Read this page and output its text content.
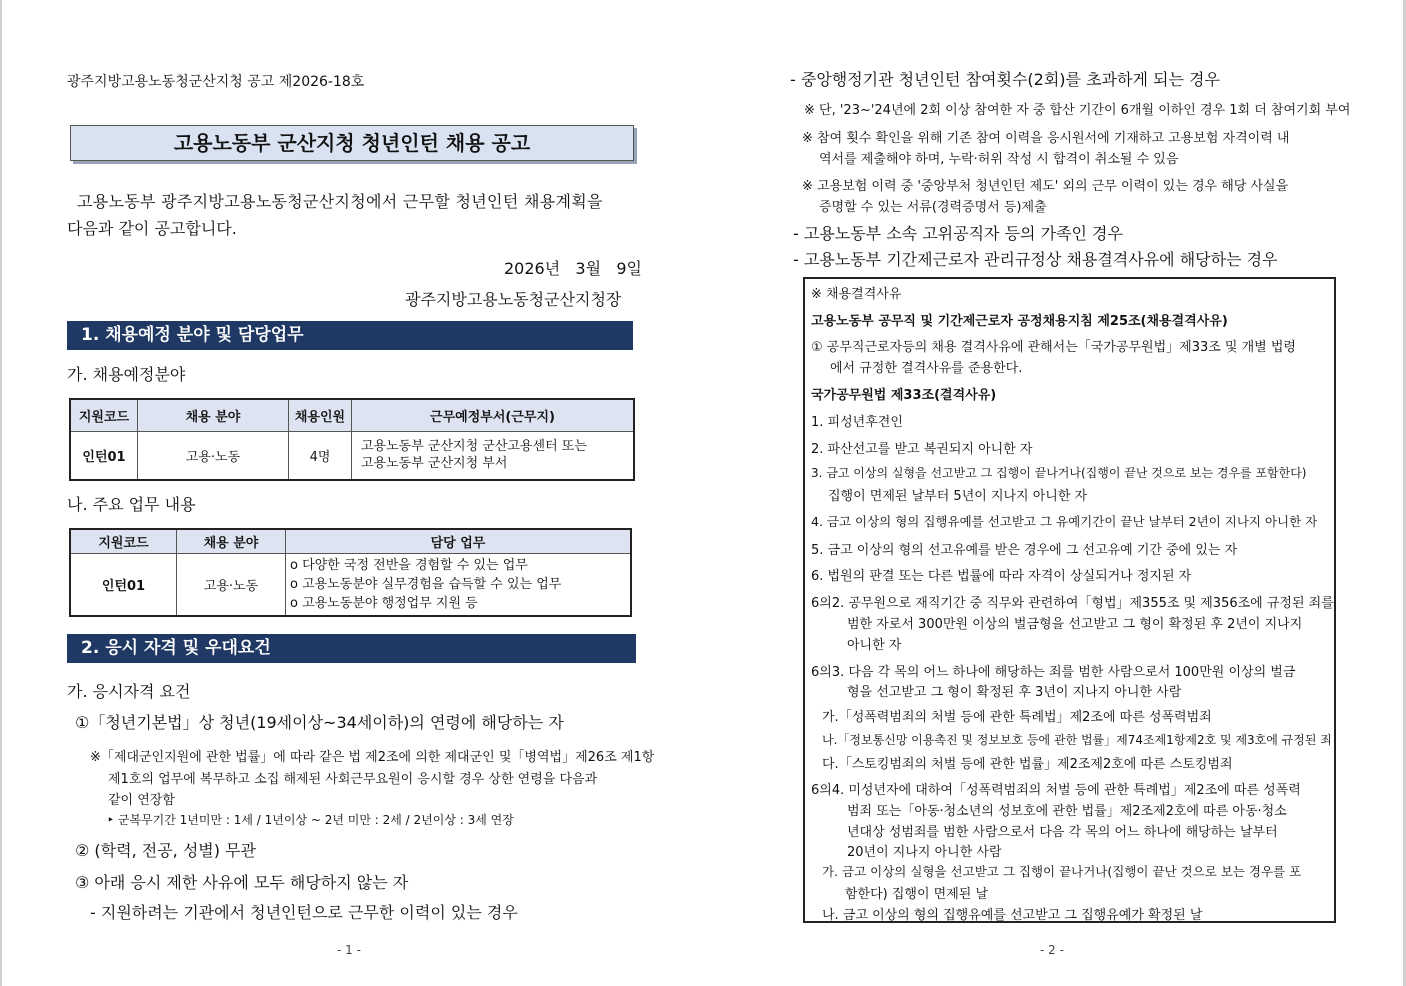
광주지방고용노동청군산지청 공고 제2026-18호
고용노동부 군산지청 청년인턴 채용 공고
고용노동부 광주지방고용노동청군산지청에서 근무할 청년인턴 채용계획을
다음과 같이 공고합니다.
2026년   3월   9일
광주지방고용노동청군산지청장
1. 채용예정 분야 및 담당업무
가. 채용예정분야
지원코드	채용 분야	채용인원	근무예정부서(근무지)
인턴01	고용·노동	4명	고용노동부 군산지청 군산고용센터 또는
고용노동부 군산지청 부서
나. 주요 업무 내용
지원코드	채용 분야	담당 업무
인턴01	고용·노동	o 다양한 국정 전반을 경험할 수 있는 업무
o 고용노동분야 실무경험을 습득할 수 있는 업무
o 고용노동분야 행정업무 지원 등
2. 응시 자격 및 우대요건
가. 응시자격 요건
①「청년기본법」상 청년(19세이상~34세이하)의 연령에 해당하는 자
※「제대군인지원에 관한 법률」에 따라 같은 법 제2조에 의한 제대군인 및「병역법」제26조 제1항
제1호의 업무에 복무하고 소집 해제된 사회근무요원이 응시할 경우 상한 연령을 다음과
같이 연장함
‣ 군복무기간 1년미만 : 1세 / 1년이상 ~ 2년 미만 : 2세 / 2년이상 : 3세 연장
② (학력, 전공, 성별) 무관
③ 아래 응시 제한 사유에 모두 해당하지 않는 자
- 지원하려는 기관에서 청년인턴으로 근무한 이력이 있는 경우
- 1 -
- 중앙행정기관 청년인턴 참여횟수(2회)를 초과하게 되는 경우
※ 단, '23~'24년에 2회 이상 참여한 자 중 합산 기간이 6개월 이하인 경우 1회 더 참여기회 부여
※ 참여 횟수 확인을 위해 기존 참여 이력을 응시원서에 기재하고 고용보험 자격이력 내
역서를 제출해야 하며, 누락·허위 작성 시 합격이 취소될 수 있음
※ 고용보험 이력 중 '중앙부처 청년인턴 제도' 외의 근무 이력이 있는 경우 해당 사실을
증명할 수 있는 서류(경력증명서 등)제출
- 고용노동부 소속 고위공직자 등의 가족인 경우
- 고용노동부 기간제근로자 관리규정상 채용결격사유에 해당하는 경우
※ 채용결격사유
고용노동부 공무직 및 기간제근로자 공정채용지침 제25조(채용결격사유)
① 공무직근로자등의 채용 결격사유에 관해서는「국가공무원법」제33조 및 개별 법령
에서 규정한 결격사유를 준용한다.
국가공무원법 제33조(결격사유)
1. 피성년후견인
2. 파산선고를 받고 복권되지 아니한 자
3. 금고 이상의 실형을 선고받고 그 집행이 끝나거나(집행이 끝난 것으로 보는 경우를 포함한다)
집행이 면제된 날부터 5년이 지나지 아니한 자
4. 금고 이상의 형의 집행유예를 선고받고 그 유예기간이 끝난 날부터 2년이 지나지 아니한 자
5. 금고 이상의 형의 선고유예를 받은 경우에 그 선고유예 기간 중에 있는 자
6. 법원의 판결 또는 다른 법률에 따라 자격이 상실되거나 정지된 자
6의2. 공무원으로 재직기간 중 직무와 관련하여「형법」제355조 및 제356조에 규정된 죄를
범한 자로서 300만원 이상의 벌금형을 선고받고 그 형이 확정된 후 2년이 지나지
아니한 자
6의3. 다음 각 목의 어느 하나에 해당하는 죄를 범한 사람으로서 100만원 이상의 벌금
형을 선고받고 그 형이 확정된 후 3년이 지나지 아니한 사람
가.「성폭력범죄의 처벌 등에 관한 특례법」제2조에 따른 성폭력범죄
나.「정보통신망 이용촉진 및 정보보호 등에 관한 법률」제74조제1항제2호 및 제3호에 규정된 죄
다.「스토킹범죄의 처벌 등에 관한 법률」제2조제2호에 따른 스토킹범죄
6의4. 미성년자에 대하여「성폭력범죄의 처벌 등에 관한 특례법」제2조에 따른 성폭력
범죄 또는「아동·청소년의 성보호에 관한 법률」제2조제2호에 따른 아동·청소
년대상 성범죄를 범한 사람으로서 다음 각 목의 어느 하나에 해당하는 날부터
20년이 지나지 아니한 사람
가. 금고 이상의 실형을 선고받고 그 집행이 끝나거나(집행이 끝난 것으로 보는 경우를 포
함한다) 집행이 면제된 날
나. 금고 이상의 형의 집행유예를 선고받고 그 집행유예가 확정된 날
- 2 -
